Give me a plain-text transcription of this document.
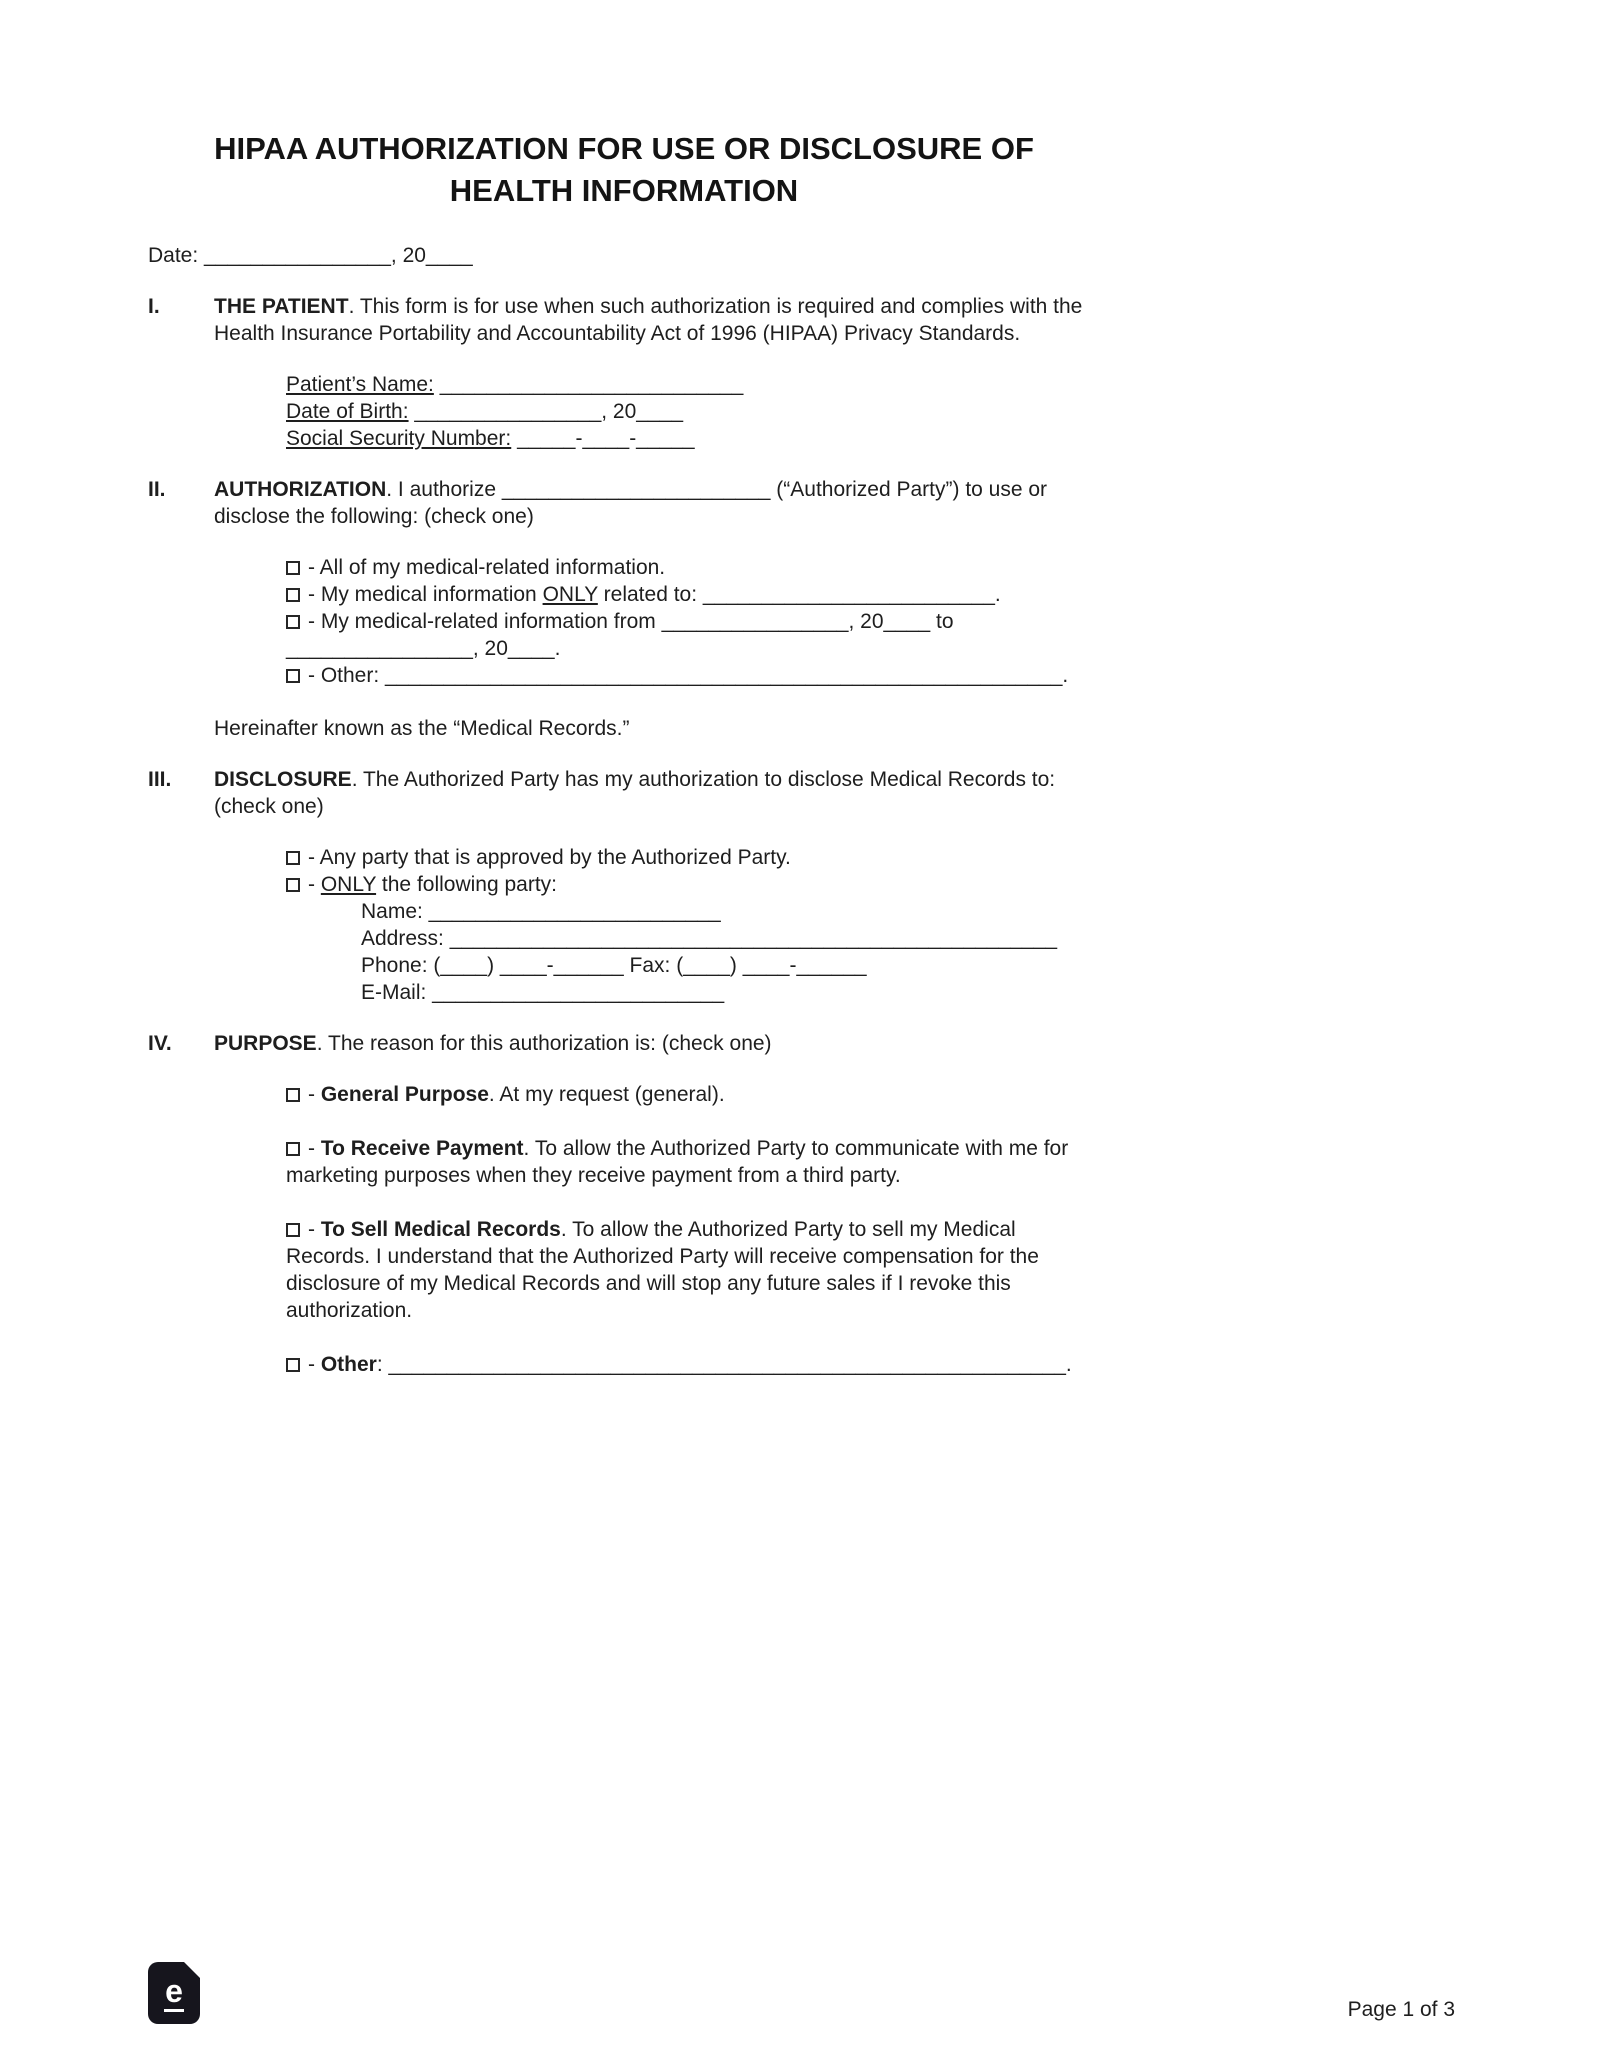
HIPAA AUTHORIZATION FOR USE OR DISCLOSURE OF
HEALTH INFORMATION

Date: ________________, 20____

I.	THE PATIENT. This form is for use when such authorization is required and complies with the Health Insurance Portability and Accountability Act of 1996 (HIPAA) Privacy Standards.

Patient’s Name: __________________________

Date of Birth: ________________, 20____

Social Security Number: _____-____-_____

II.	AUTHORIZATION. I authorize _______________________ (“Authorized Party”) to use or disclose the following: (check one)

- All of my medical-related information.

- My medical information ONLY related to: _________________________.

- My medical-related information from ________________, 20____ to ________________, 20____.

- Other: __________________________________________________________.

Hereinafter known as the “Medical Records.”

III.	DISCLOSURE. The Authorized Party has my authorization to disclose Medical Records to: (check one)

- Any party that is approved by the Authorized Party.

- ONLY the following party:

Name: _________________________

Address: ____________________________________________________

Phone: (____) ____-______ Fax: (____) ____-______

E-Mail: _________________________

IV.	PURPOSE. The reason for this authorization is: (check one)

- General Purpose. At my request (general).

- To Receive Payment. To allow the Authorized Party to communicate with me for marketing purposes when they receive payment from a third party.

- To Sell Medical Records. To allow the Authorized Party to sell my Medical Records. I understand that the Authorized Party will receive compensation for the disclosure of my Medical Records and will stop any future sales if I revoke this authorization.

- Other: __________________________________________________________.

e
Page 1 of 3
